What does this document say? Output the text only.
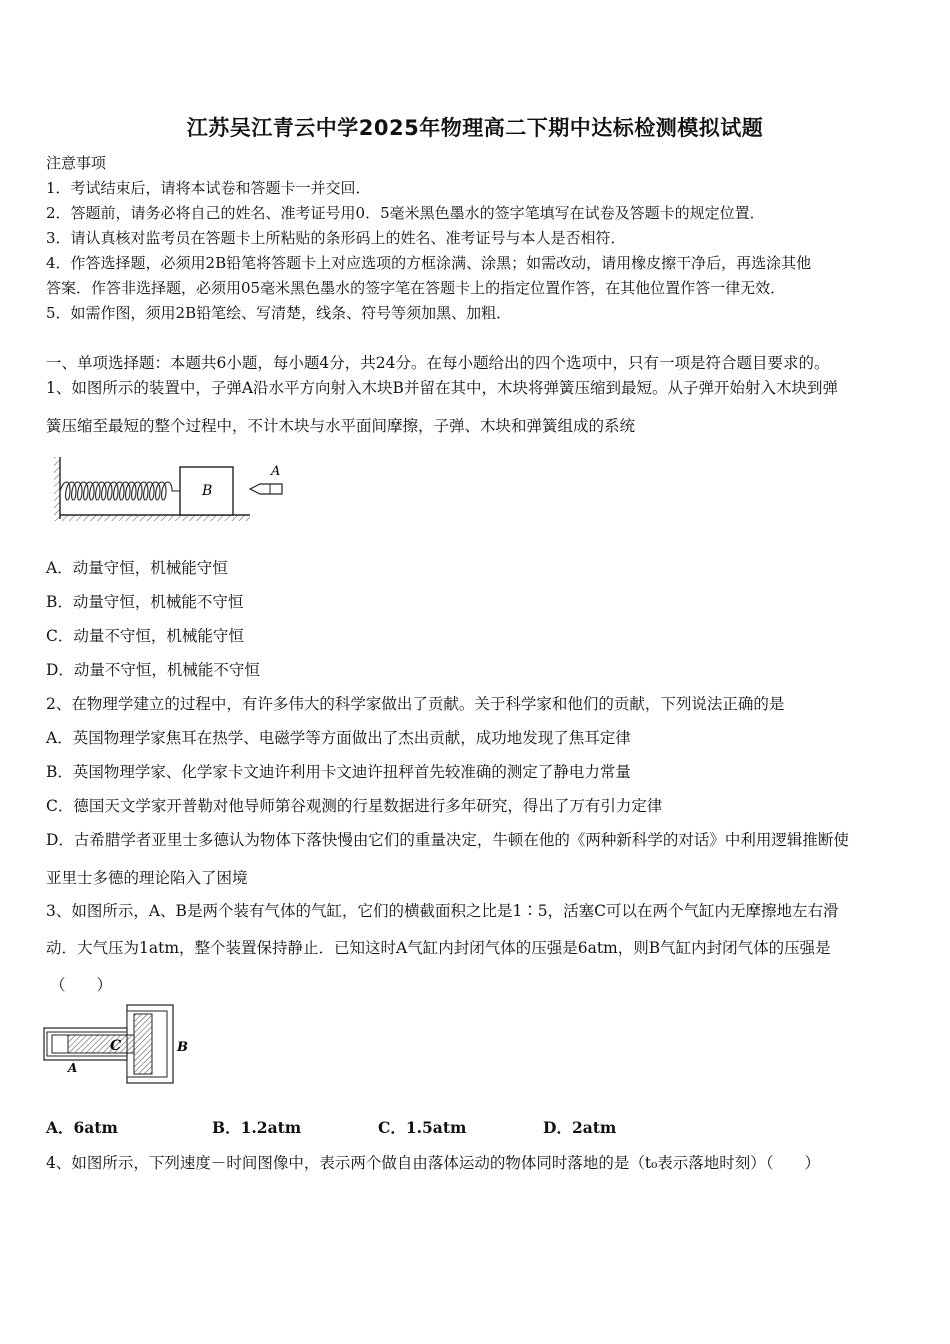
江苏吴江青云中学2025年物理高二下期中达标检测模拟试题
注意事项
1．考试结束后，请将本试卷和答题卡一并交回．
2．答题前，请务必将自己的姓名、准考证号用0．5毫米黑色墨水的签字笔填写在试卷及答题卡的规定位置．
3．请认真核对监考员在答题卡上所粘贴的条形码上的姓名、准考证号与本人是否相符．
4．作答选择题，必须用2B铅笔将答题卡上对应选项的方框涂满、涂黑；如需改动，请用橡皮擦干净后，再选涂其他
答案．作答非选择题，必须用05毫米黑色墨水的签字笔在答题卡上的指定位置作答，在其他位置作答一律无效．
5．如需作图，须用2B铅笔绘、写清楚，线条、符号等须加黑、加粗．
一、单项选择题：本题共6小题，每小题4分，共24分。在每小题给出的四个选项中，只有一项是符合题目要求的。
1、如图所示的装置中，子弹A沿水平方向射入木块B并留在其中，木块将弹簧压缩到最短。从子弹开始射入木块到弹
簧压缩至最短的整个过程中，不计木块与水平面间摩擦，子弹、木块和弹簧组成的系统
B
A
A．动量守恒，机械能守恒
B．动量守恒，机械能不守恒
C．动量不守恒，机械能守恒
D．动量不守恒，机械能不守恒
2、在物理学建立的过程中，有许多伟大的科学家做出了贡献。关于科学家和他们的贡献，下列说法正确的是
A．英国物理学家焦耳在热学、电磁学等方面做出了杰出贡献，成功地发现了焦耳定律
B．英国物理学家、化学家卡文迪许利用卡文迪许扭秤首先较准确的测定了静电力常量
C．德国天文学家开普勒对他导师第谷观测的行星数据进行多年研究，得出了万有引力定律
D．古希腊学者亚里士多德认为物体下落快慢由它们的重量决定，牛顿在他的《两种新科学的对话》中利用逻辑推断使
亚里士多德的理论陷入了困境
3、如图所示，A、B是两个装有气体的气缸，它们的横截面积之比是1∶5，活塞C可以在两个气缸内无摩擦地左右滑
动．大气压为1atm，整个装置保持静止．已知这时A气缸内封闭气体的压强是6atm，则B气缸内封闭气体的压强是
（　　）
C
A
B
A．6atm	B．1.2atm	C．1.5atm	D．2atm
4、如图所示，下列速度－时间图像中，表示两个做自由落体运动的物体同时落地的是（t₀表示落地时刻）（　　）
